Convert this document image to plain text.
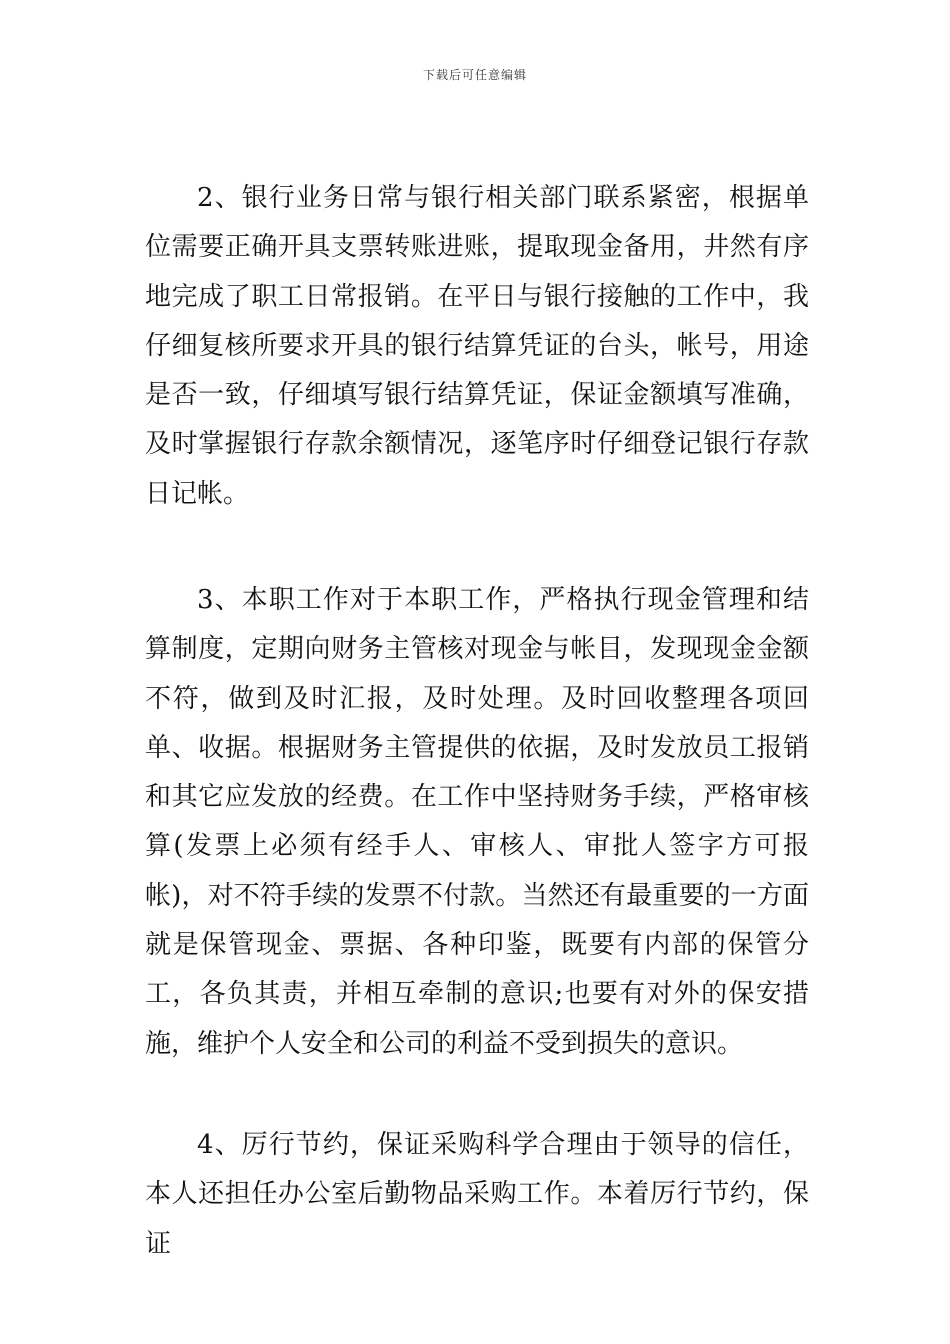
下载后可任意编辑

2、银行业务日常与银行相关部门联系紧密，根据单位需要正确开具支票转账进账，提取现金备用，井然有序地完成了职工日常报销。在平日与银行接触的工作中，我仔细复核所要求开具的银行结算凭证的台头，帐号，用途是否一致，仔细填写银行结算凭证，保证金额填写准确，及时掌握银行存款余额情况，逐笔序时仔细登记银行存款日记帐。

3、本职工作对于本职工作，严格执行现金管理和结算制度，定期向财务主管核对现金与帐目，发现现金金额不符，做到及时汇报，及时处理。及时回收整理各项回单、收据。根据财务主管提供的依据，及时发放员工报销和其它应发放的经费。在工作中坚持财务手续，严格审核算(发票上必须有经手人、审核人、审批人签字方可报帐)，对不符手续的发票不付款。当然还有最重要的一方面就是保管现金、票据、各种印鉴，既要有内部的保管分工，各负其责，并相互牵制的意识;也要有对外的保安措施，维护个人安全和公司的利益不受到损失的意识。

4、厉行节约，保证采购科学合理由于领导的信任，本人还担任办公室后勤物品采购工作。本着厉行节约，保证
